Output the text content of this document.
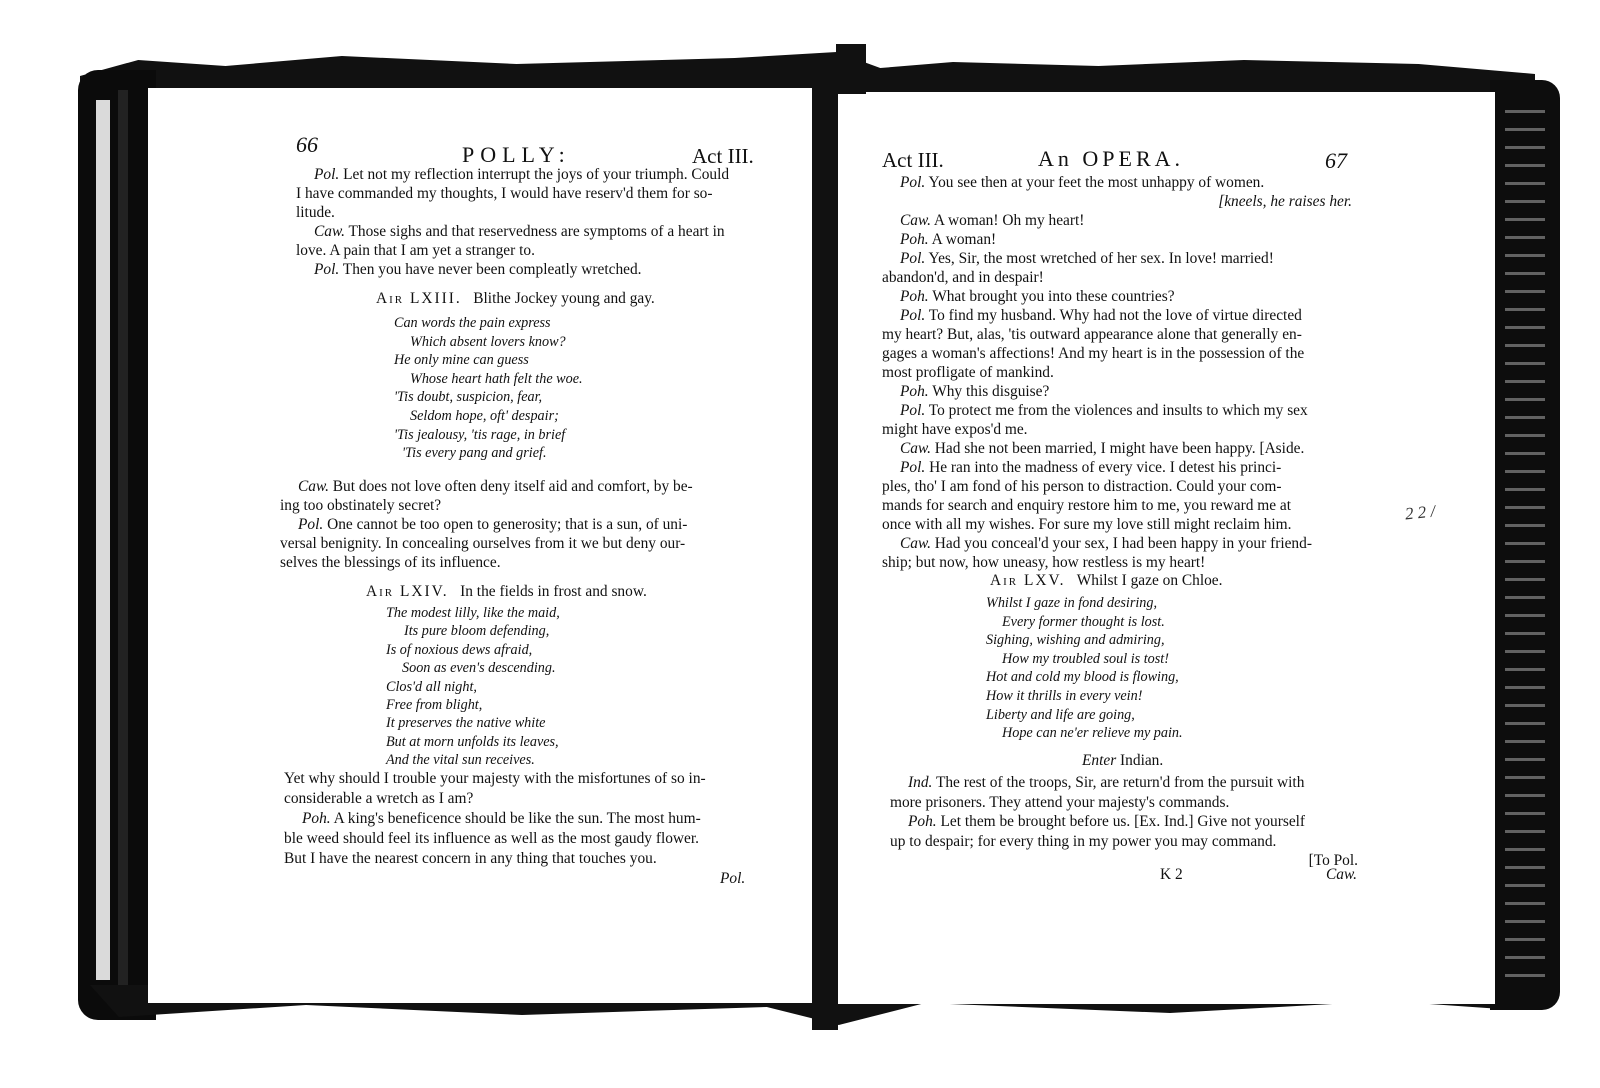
66	POLLY:	Act III.
Pol. Let not my reflection interrupt the joys of your triumph. Could
I have commanded my thoughts, I would have reserv'd them for so-
litude.
Caw. Those sighs and that reservedness are symptoms of a heart in
love. A pain that I am yet a stranger to.
Pol. Then you have never been compleatly wretched.
Air LXIII. Blithe Jockey young and gay.
Can words the pain express
Which absent lovers know?
He only mine can guess
Whose heart hath felt the woe.
'Tis doubt, suspicion, fear,
Seldom hope, oft' despair;
'Tis jealousy, 'tis rage, in brief
'Tis every pang and grief.
Caw. But does not love often deny itself aid and comfort, by be-
ing too obstinately secret?
Pol. One cannot be too open to generosity; that is a sun, of uni-
versal benignity. In concealing ourselves from it we but deny our-
selves the blessings of its influence.
Air LXIV. In the fields in frost and snow.
The modest lilly, like the maid,
Its pure bloom defending,
Is of noxious dews afraid,
Soon as even's descending.
Clos'd all night,
Free from blight,
It preserves the native white
But at morn unfolds its leaves,
And the vital sun receives.
Yet why should I trouble your majesty with the misfortunes of so in-
considerable a wretch as I am?
Poh. A king's beneficence should be like the sun. The most hum-
ble weed should feel its influence as well as the most gaudy flower.
But I have the nearest concern in any thing that touches you.
Pol.
Act III.	An OPERA.	67
Pol. You see then at your feet the most unhappy of women.
[kneels, he raises her.
Caw. A woman! Oh my heart!
Poh. A woman!
Pol. Yes, Sir, the most wretched of her sex. In love! married!
abandon'd, and in despair!
Poh. What brought you into these countries?
Pol. To find my husband. Why had not the love of virtue directed
my heart? But, alas, 'tis outward appearance alone that generally en-
gages a woman's affections! And my heart is in the possession of the
most profligate of mankind.
Poh. Why this disguise?
Pol. To protect me from the violences and insults to which my sex
might have expos'd me.
Caw. Had she not been married, I might have been happy. [Aside.
Pol. He ran into the madness of every vice. I detest his princi-
ples, tho' I am fond of his person to distraction. Could your com-
mands for search and enquiry restore him to me, you reward me at
once with all my wishes. For sure my love still might reclaim him.
Caw. Had you conceal'd your sex, I had been happy in your friend-
ship; but now, how uneasy, how restless is my heart!
Air LXV. Whilst I gaze on Chloe.
Whilst I gaze in fond desiring,
Every former thought is lost.
Sighing, wishing and admiring,
How my troubled soul is tost!
Hot and cold my blood is flowing,
How it thrills in every vein!
Liberty and life are going,
Hope can ne'er relieve my pain.
Enter Indian.
Ind. The rest of the troops, Sir, are return'd from the pursuit with
more prisoners. They attend your majesty's commands.
Poh. Let them be brought before us. [Ex. Ind.] Give not yourself
up to despair; for every thing in my power you may command.
[To Pol.
K 2	Caw.
2 2 /
